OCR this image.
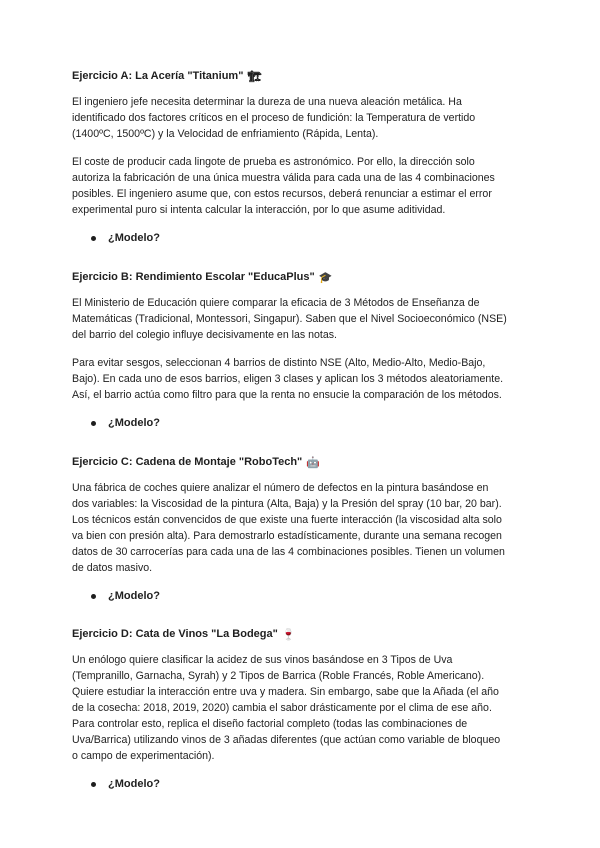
Ejercicio A: La Acería "Titanium" 🏗

El ingeniero jefe necesita determinar la dureza de una nueva aleación metálica. Ha
identificado dos factores críticos en el proceso de fundición: la Temperatura de vertido
(1400ºC, 1500ºC) y la Velocidad de enfriamiento (Rápida, Lenta).

El coste de producir cada lingote de prueba es astronómico. Por ello, la dirección solo
autoriza la fabricación de una única muestra válida para cada una de las 4 combinaciones
posibles. El ingeniero asume que, con estos recursos, deberá renunciar a estimar el error
experimental puro si intenta calcular la interacción, por lo que asume aditividad.

¿Modelo?
Ejercicio B: Rendimiento Escolar "EducaPlus" 🎓

El Ministerio de Educación quiere comparar la eficacia de 3 Métodos de Enseñanza de
Matemáticas (Tradicional, Montessori, Singapur). Saben que el Nivel Socioeconómico (NSE)
del barrio del colegio influye decisivamente en las notas.

Para evitar sesgos, seleccionan 4 barrios de distinto NSE (Alto, Medio-Alto, Medio-Bajo,
Bajo). En cada uno de esos barrios, eligen 3 clases y aplican los 3 métodos aleatoriamente.
Así, el barrio actúa como filtro para que la renta no ensucie la comparación de los métodos.

¿Modelo?
Ejercicio C: Cadena de Montaje "RoboTech" 🤖

Una fábrica de coches quiere analizar el número de defectos en la pintura basándose en
dos variables: la Viscosidad de la pintura (Alta, Baja) y la Presión del spray (10 bar, 20 bar).
Los técnicos están convencidos de que existe una fuerte interacción (la viscosidad alta solo
va bien con presión alta). Para demostrarlo estadísticamente, durante una semana recogen
datos de 30 carrocerías para cada una de las 4 combinaciones posibles. Tienen un volumen
de datos masivo.

¿Modelo?
Ejercicio D: Cata de Vinos "La Bodega" 🍷

Un enólogo quiere clasificar la acidez de sus vinos basándose en 3 Tipos de Uva
(Tempranillo, Garnacha, Syrah) y 2 Tipos de Barrica (Roble Francés, Roble Americano).
Quiere estudiar la interacción entre uva y madera. Sin embargo, sabe que la Añada (el año
de la cosecha: 2018, 2019, 2020) cambia el sabor drásticamente por el clima de ese año.
Para controlar esto, replica el diseño factorial completo (todas las combinaciones de
Uva/Barrica) utilizando vinos de 3 añadas diferentes (que actúan como variable de bloqueo
o campo de experimentación).

¿Modelo?
